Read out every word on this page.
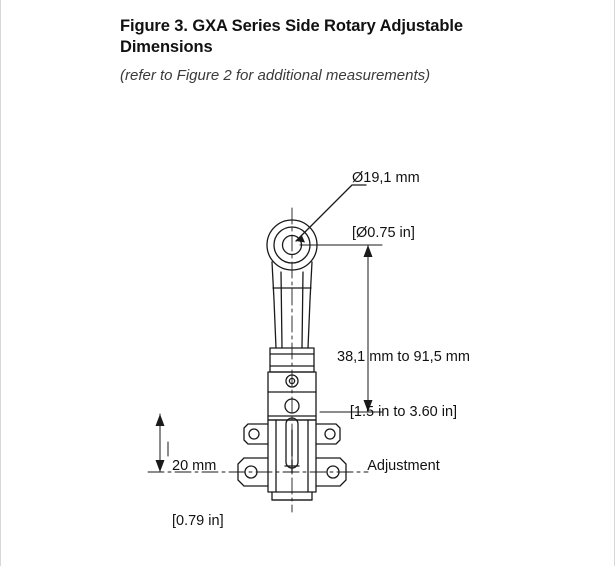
Figure 3. GXA Series Side Rotary Adjustable Dimensions

(refer to Figure 2 for additional measurements)

Ø19,1 mm

[Ø0.75 in]

38,1 mm to 91,5 mm

[1.5 in to 3.60 in]

Adjustment

20 mm

[0.79 in]
